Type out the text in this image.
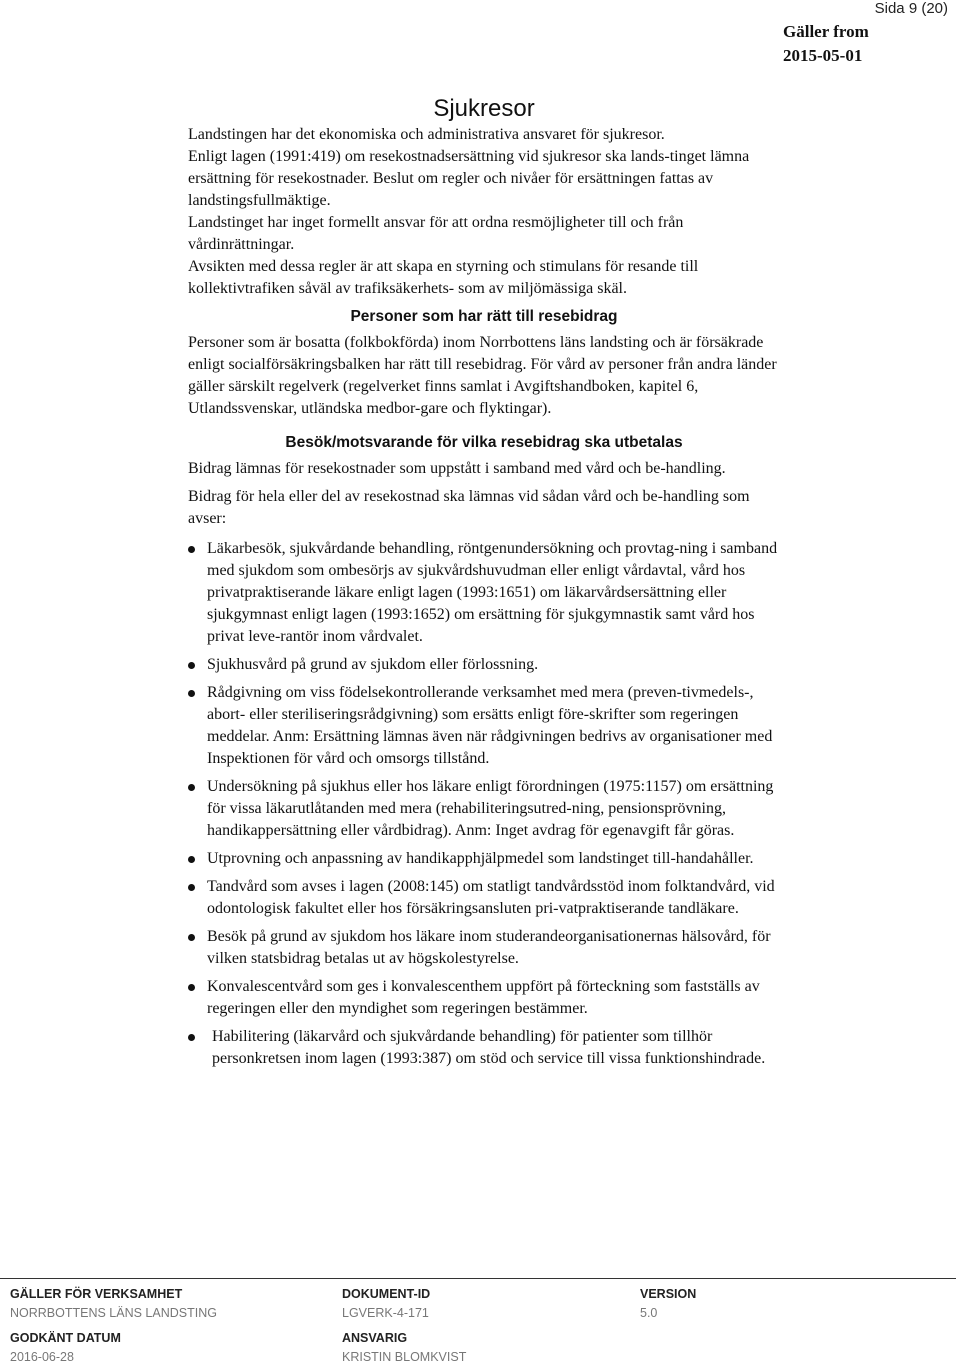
Sida 9 (20)
Gäller from
2015-05-01
Sjukresor

Landstingen har det ekonomiska och administrativa ansvaret för sjukresor.

Enligt lagen (1991:419) om resekostnadsersättning vid sjukresor ska lands-tinget lämna ersättning för resekostnader. Beslut om regler och nivåer för ersättningen fattas av landstingsfullmäktige.

Landstinget har inget formellt ansvar för att ordna resmöjligheter till och från vårdinrättningar.

Avsikten med dessa regler är att skapa en styrning och stimulans för resande till kollektivtrafiken såväl av trafiksäkerhets- som av miljömässiga skäl.

Personer som har rätt till resebidrag

Personer som är bosatta (folkbokförda) inom Norrbottens läns landsting och är försäkrade enligt socialförsäkringsbalken har rätt till resebidrag. För vård av personer från andra länder gäller särskilt regelverk (regelverket finns samlat i Avgiftshandboken, kapitel 6, Utlandssvenskar, utländska medbor-gare och flyktingar).

Besök/motsvarande för vilka resebidrag ska utbetalas

Bidrag lämnas för resekostnader som uppstått i samband med vård och be-handling.

Bidrag för hela eller del av resekostnad ska lämnas vid sådan vård och be-handling som avser:

Läkarbesök, sjukvårdande behandling, röntgenundersökning och provtag-ning i samband med sjukdom som ombesörjs av sjukvårdshuvudman eller enligt vårdavtal, vård hos privatpraktiserande läkare enligt lagen (1993:1651) om läkarvårdsersättning eller sjukgymnast enligt lagen (1993:1652) om ersättning för sjukgymnastik samt vård hos privat leve-rantör inom vårdvalet.
Sjukhusvård på grund av sjukdom eller förlossning.
Rådgivning om viss födelsekontrollerande verksamhet med mera (preven-tivmedels-, abort- eller steriliseringsrådgivning) som ersätts enligt före-skrifter som regeringen meddelar. Anm: Ersättning lämnas även när rådgivningen bedrivs av organisationer med Inspektionen för vård och omsorgs tillstånd.
Undersökning på sjukhus eller hos läkare enligt förordningen (1975:1157) om ersättning för vissa läkarutlåtanden med mera (rehabiliteringsutred-ning, pensionsprövning, handikappersättning eller vårdbidrag). Anm: Inget avdrag för egenavgift får göras.
Utprovning och anpassning av handikapphjälpmedel som landstinget till-handahåller.
Tandvård som avses i lagen (2008:145) om statligt tandvårdsstöd inom folktandvård, vid odontologisk fakultet eller hos försäkringsansluten pri-vatpraktiserande tandläkare.
Besök på grund av sjukdom hos läkare inom studerandeorganisationernas hälsovård, för vilken statsbidrag betalas ut av högskolestyrelse.
Konvalescentvård som ges i konvalescenthem uppfört på förteckning som fastställs av regeringen eller den myndighet som regeringen bestämmer.
Habilitering (läkarvård och sjukvårdande behandling) för patienter som tillhör personkretsen inom lagen (1993:387) om stöd och service till vissa funktionshindrade.
GÄLLER FÖR VERKSAMHET
NORRBOTTENS LÄNS LANDSTING
DOKUMENT-ID
LGVERK-4-171
VERSION
5.0
GODKÄNT DATUM
2016-06-28
ANSVARIG
KRISTIN BLOMKVIST
